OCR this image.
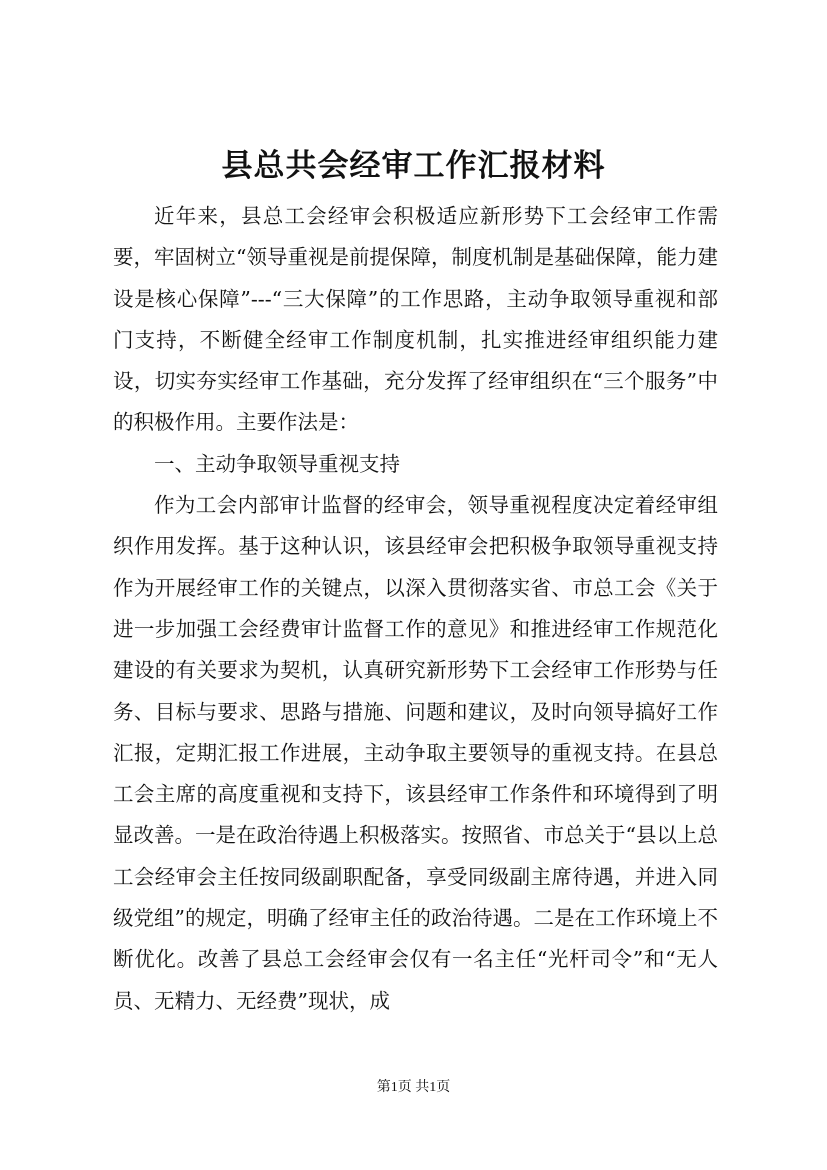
县总共会经审工作汇报材料

近年来，县总工会经审会积极适应新形势下工会经审工作需要，牢固树立“领导重视是前提保障，制度机制是基础保障，能力建设是核心保障”---“三大保障”的工作思路，主动争取领导重视和部门支持，不断健全经审工作制度机制，扎实推进经审组织能力建设，切实夯实经审工作基础，充分发挥了经审组织在“三个服务”中的积极作用。主要作法是：

一、主动争取领导重视支持

作为工会内部审计监督的经审会，领导重视程度决定着经审组织作用发挥。基于这种认识，该县经审会把积极争取领导重视支持作为开展经审工作的关键点，以深入贯彻落实省、市总工会《关于进一步加强工会经费审计监督工作的意见》和推进经审工作规范化建设的有关要求为契机，认真研究新形势下工会经审工作形势与任务、目标与要求、思路与措施、问题和建议，及时向领导搞好工作汇报，定期汇报工作进展，主动争取主要领导的重视支持。在县总工会主席的高度重视和支持下，该县经审工作条件和环境得到了明显改善。一是在政治待遇上积极落实。按照省、市总关于“县以上总工会经审会主任按同级副职配备，享受同级副主席待遇，并进入同级党组”的规定，明确了经审主任的政治待遇。二是在工作环境上不断优化。改善了县总工会经审会仅有一名主任“光杆司令”和“无人员、无精力、无经费”现状，成

第1页 共1页
